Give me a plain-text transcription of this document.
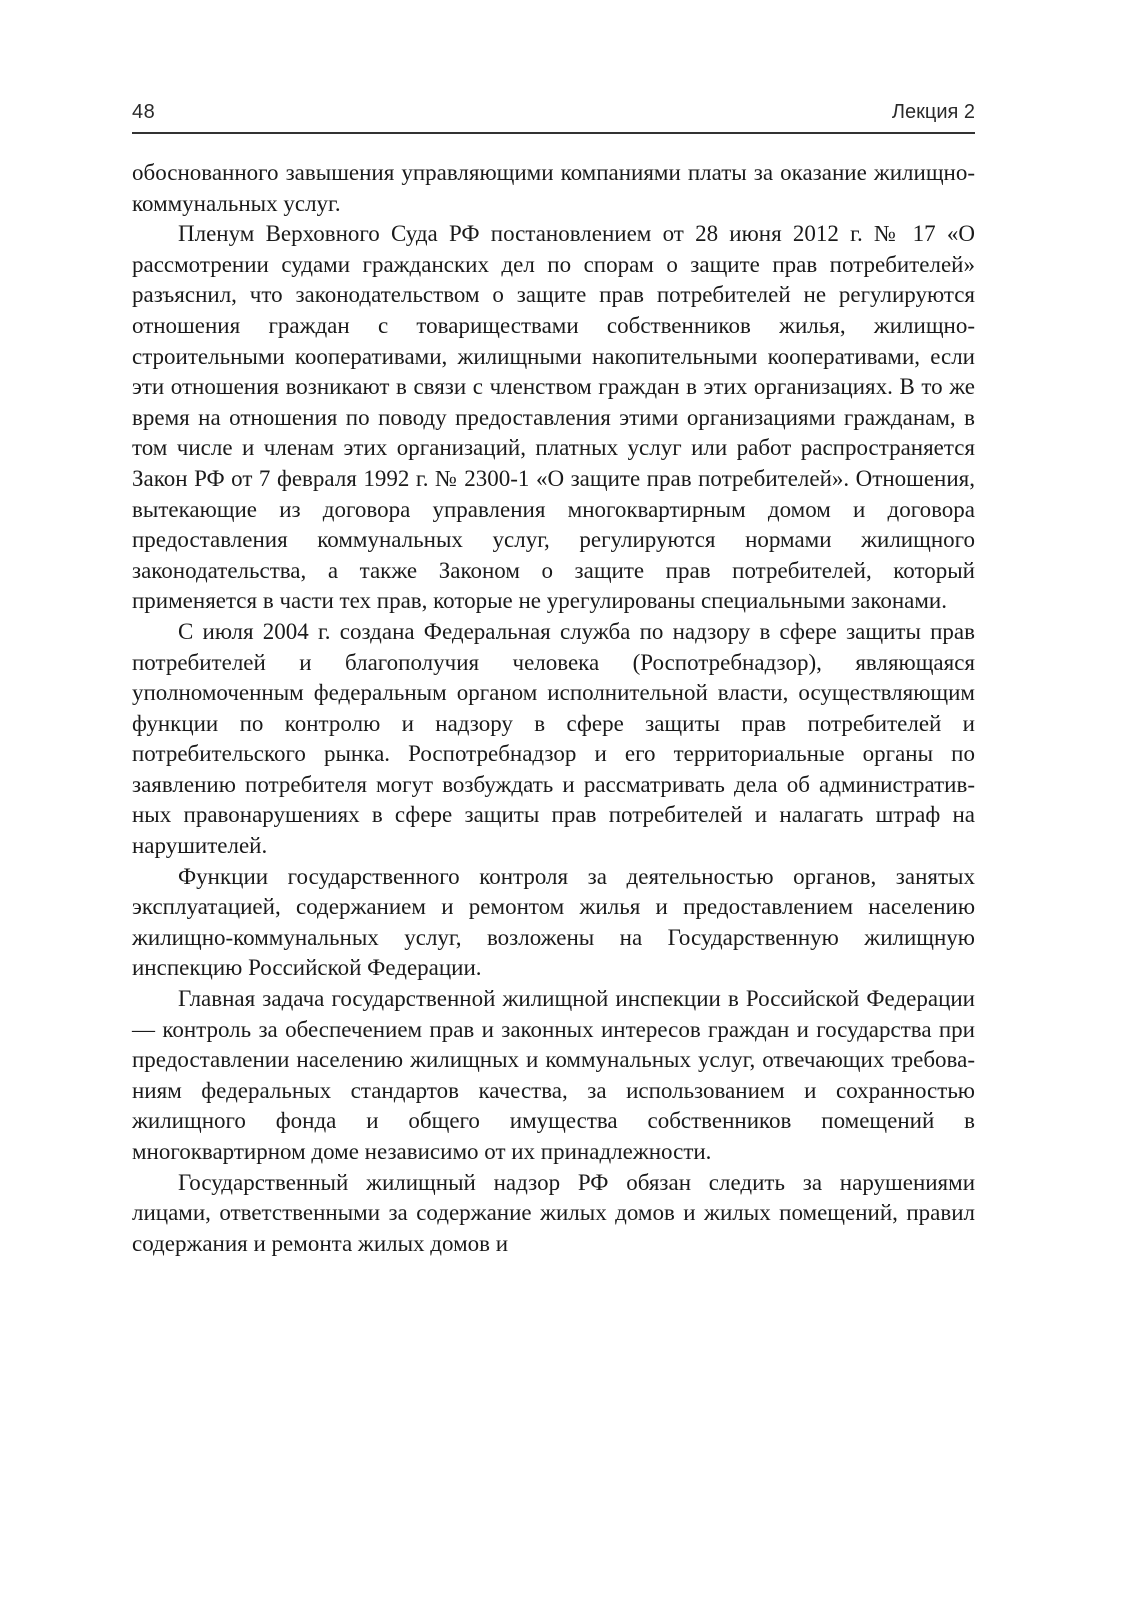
48	Лекция 2

обоснованного завышения управляющими компаниями платы за оказание жилищно-коммунальных услуг.

Пленум Верховного Суда РФ постановлением от 28 июня 2012 г. № 17 «О рассмотрении судами гражданских дел по спорам о защите прав потребителей» разъяснил, что законодательством о защите прав потребителей не регулируются отношения граждан с товариществами собственников жилья, жилищно-строительными кооперативами, жилищными накопительными кооперативами, если эти отношения возникают в связи с членством граждан в этих организациях. В то же время на отношения по поводу предоставления этими организациями гражданам, в том числе и членам этих организаций, платных услуг или работ распространяется Закон РФ от 7 февраля 1992 г. № 2300-1 «О защите прав потребителей». Отношения, вытекающие из договора управления многоквартирным домом и договора предоставления коммунальных услуг, регулируются нормами жилищного законодательства, а также Законом о защите прав потребителей, который применяется в части тех прав, которые не урегулированы специальными законами.

С июля 2004 г. создана Федеральная служба по надзору в сфере защиты прав потребителей и благополучия человека (Роспотребнадзор), являющаяся уполномоченным федеральным органом исполнительной власти, осуществляющим функции по контролю и надзору в сфере защиты прав потребителей и потребительского рынка. Роспотребнадзор и его территориальные органы по заявлению потребителя могут возбуждать и рассматривать дела об административных правонарушениях в сфере защиты прав потребителей и налагать штраф на нарушителей.

Функции государственного контроля за деятельностью органов, занятых эксплуатацией, содержанием и ремонтом жилья и предоставлением населению жилищно-коммунальных услуг, возложены на Государственную жилищную инспекцию Российской Федерации.

Главная задача государственной жилищной инспекции в Российской Федерации — контроль за обеспечением прав и законных интересов граждан и государства при предоставлении населению жилищных и коммунальных услуг, отвечающих требованиям федеральных стандартов качества, за использованием и сохранностью жилищного фонда и общего имущества собственников помещений в многоквартирном доме независимо от их принадлежности.

Государственный жилищный надзор РФ обязан следить за нарушениями лицами, ответственными за содержание жилых домов и жилых помещений, правил содержания и ремонта жилых домов и
